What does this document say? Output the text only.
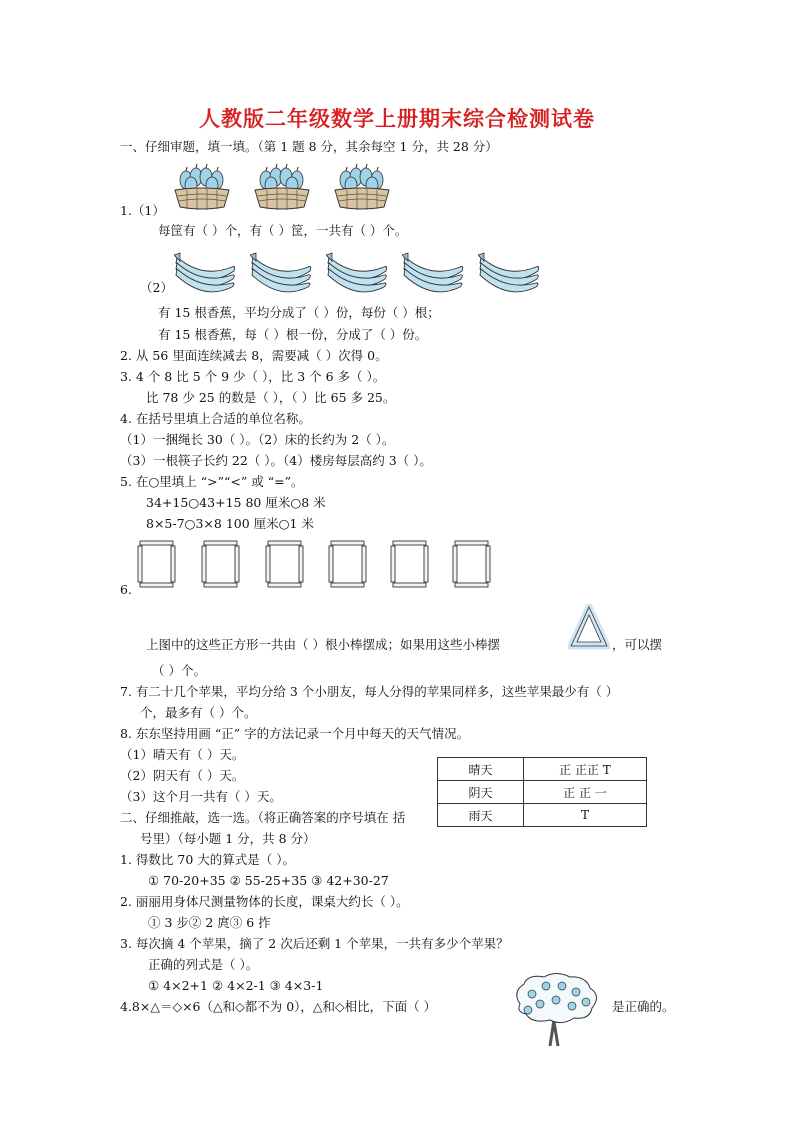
人教版二年级数学上册期末综合检测试卷
一、仔细审题，填一填。（第 1 题 8 分，其余每空 1 分，共 28 分）
1.（1）
每筐有（ ）个，有（ ）筐，一共有（ ）个。
（2）
有 15 根香蕉，平均分成了（ ）份，每份（ ）根；
有 15 根香蕉，每（ ）根一份，分成了（ ）份。
2. 从 56 里面连续减去 8，需要减（ ）次得 0。
3. 4 个 8 比 5 个 9 少（ ），比 3 个 6 多（ ）。
比 78 少 25 的数是（ ），（ ）比 65 多 25。
4. 在括号里填上合适的单位名称。
（1）一捆绳长 30（ ）。（2）床的长约为 2（ ）。
（3）一根筷子长约 22（ ）。（4）楼房每层高约 3（ ）。
5. 在○里填上 “>”“<” 或 “=”。
34+15○43+15 80 厘米○8 米
8×5-7○3×8 100 厘米○1 米
6.
上图中的这些正方形一共由（ ）根小棒摆成；如果用这些小棒摆	，可以摆
（ ）个。
7. 有二十几个苹果，平均分给 3 个小朋友，每人分得的苹果同样多，这些苹果最少有（ ）
个，最多有（ ）个。
8. 东东坚持用画 “正” 字的方法记录一个月中每天的天气情况。
（1）晴天有（ ）天。
（2）阴天有（ ）天。
（3）这个月一共有（ ）天。
晴天	正 正正 T
阴天	正 正 一
雨天	T
二、仔细推敲，选一选。（将正确答案的序号填在 括
号里）（每小题 1 分，共 8 分）
1. 得数比 70 大的算式是（ ）。
① 70-20+35 ② 55-25+35 ③ 42+30-27
2. 丽丽用身体尺测量物体的长度，课桌大约长（ ）。
① 3 步② 2 庹③ 6 拃
3. 每次摘 4 个苹果，摘了 2 次后还剩 1 个苹果，一共有多少个苹果？
正确的列式是（ ）。
① 4×2+1 ② 4×2-1 ③ 4×3-1
4.8×△＝◇×6（△和◇都不为 0），△和◇相比，下面（ ）	是正确的。
